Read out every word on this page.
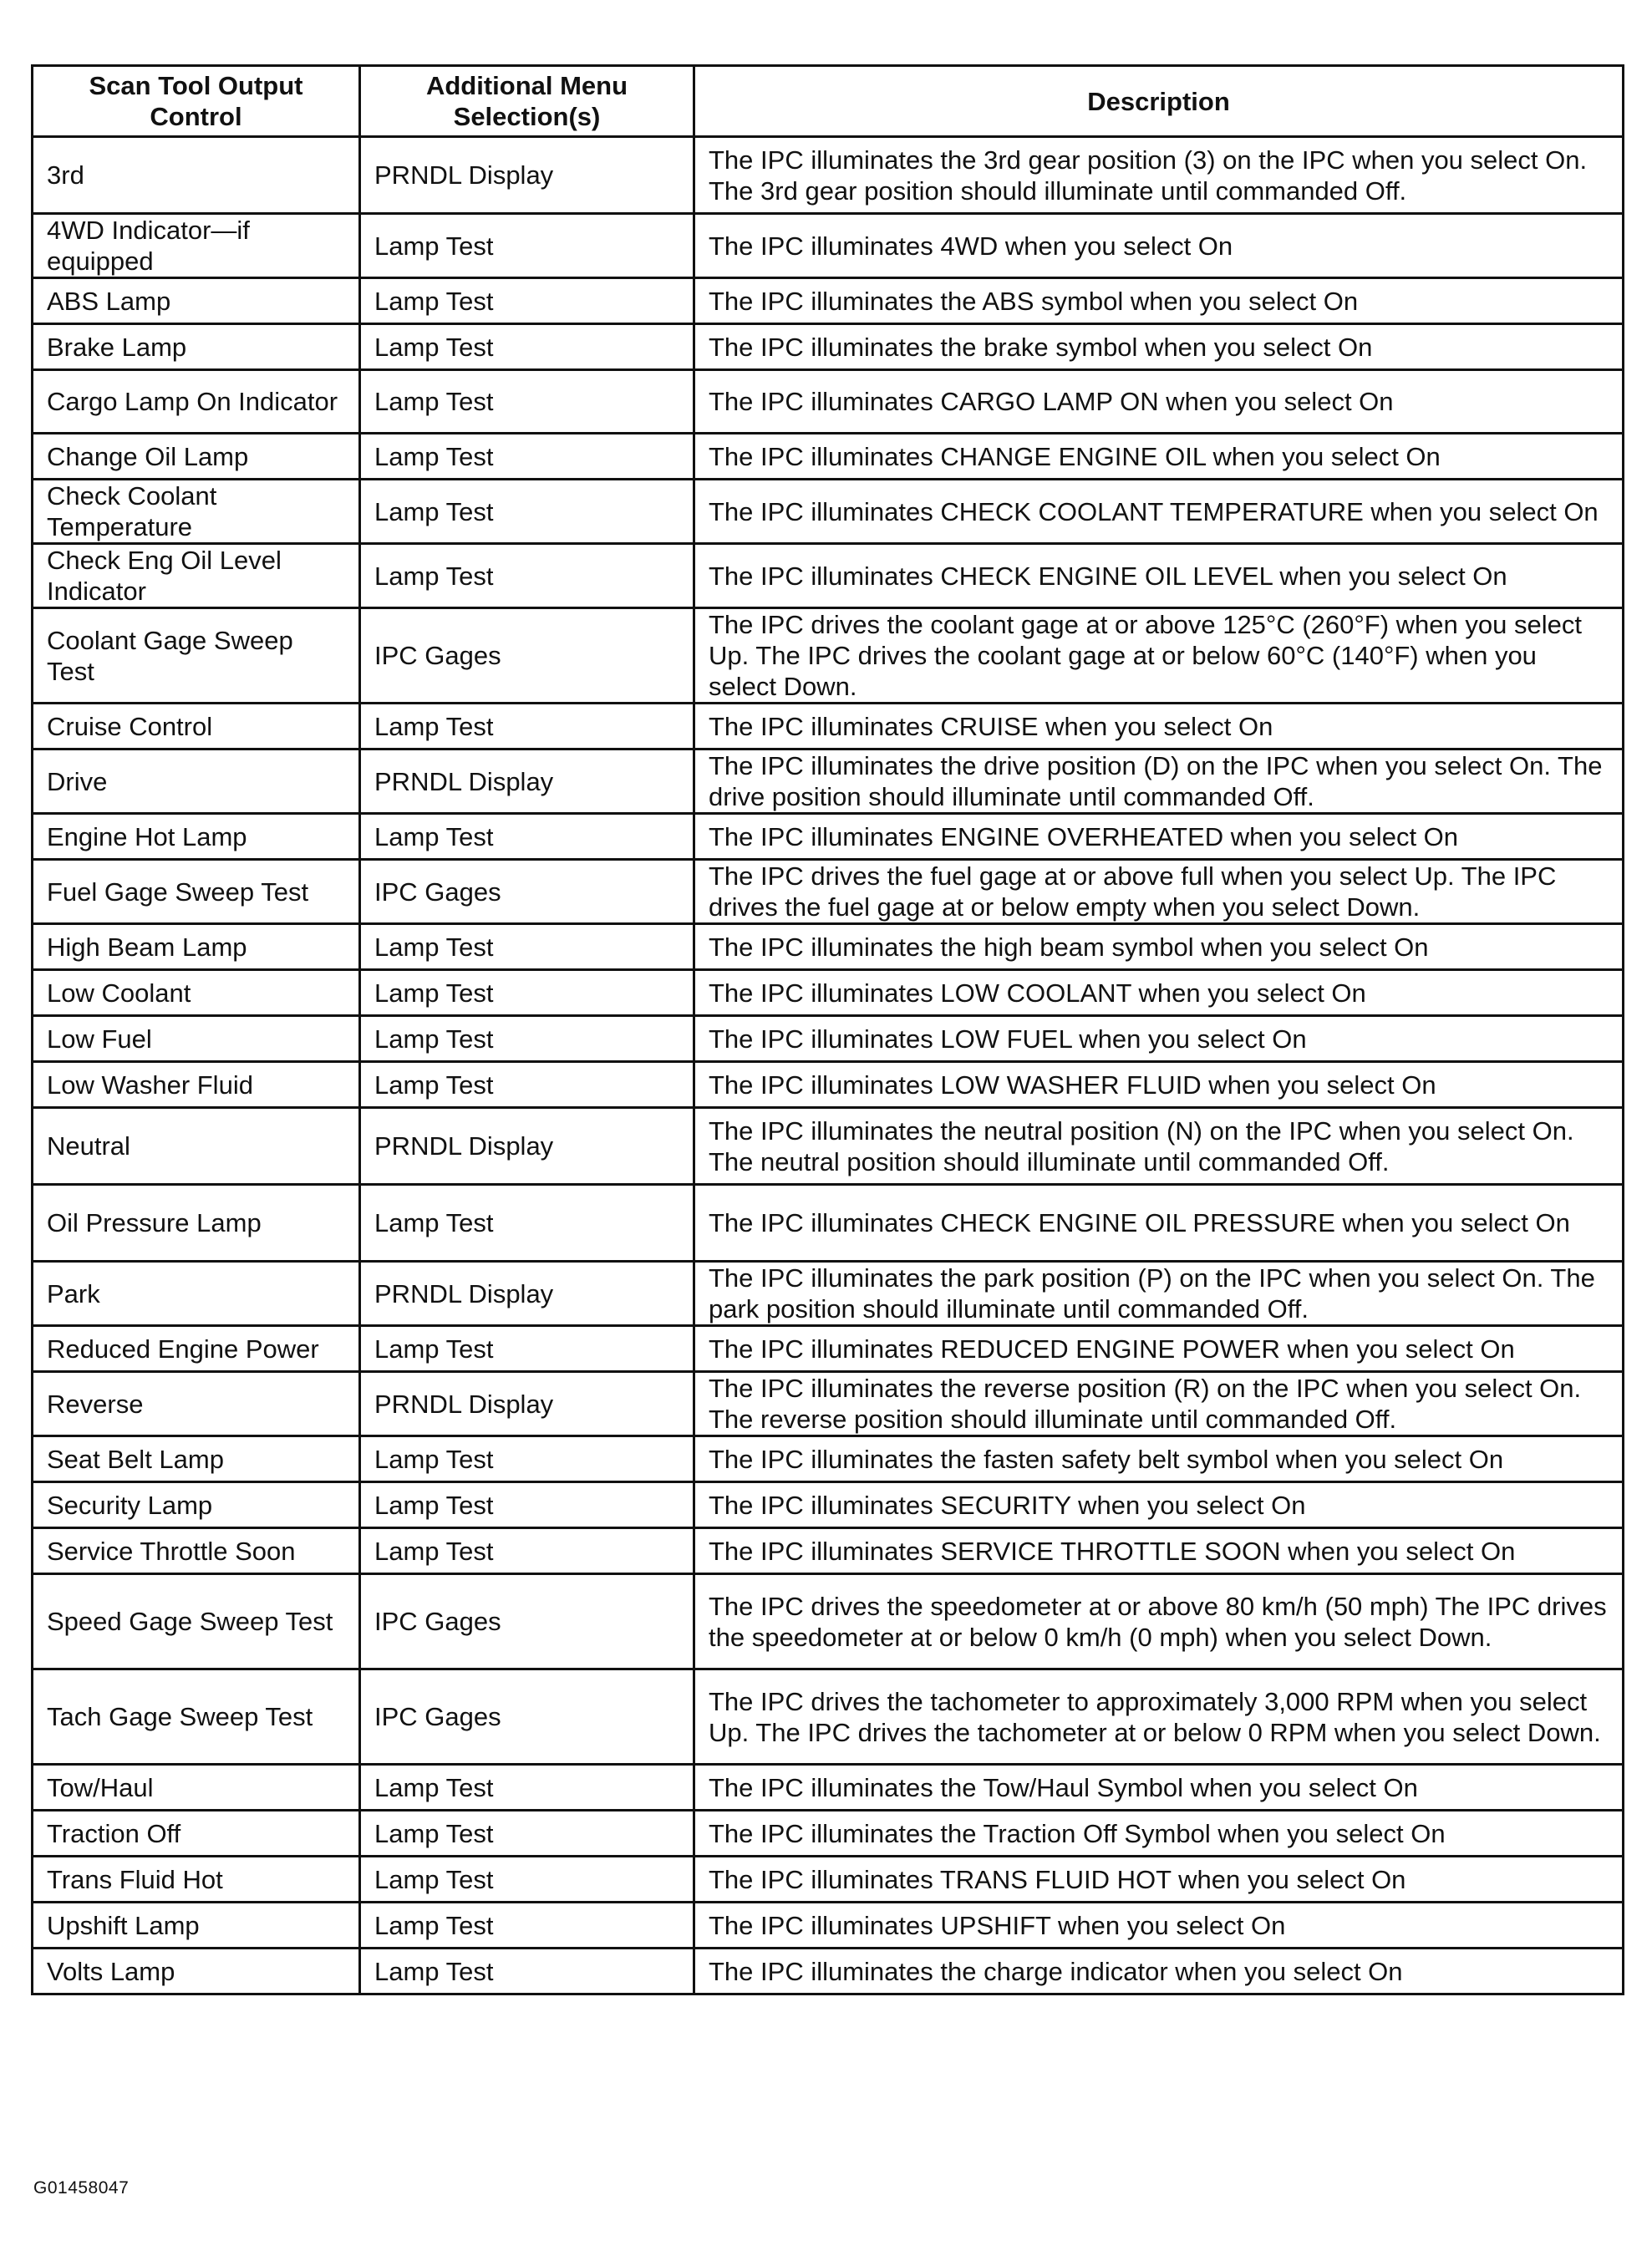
Scan Tool Output Control	Additional Menu Selection(s)	Description
3rd	PRNDL Display	The IPC illuminates the 3rd gear position (3) on the IPC when you select On. The 3rd gear position should illuminate until commanded Off.
4WD Indicator—if equipped	Lamp Test	The IPC illuminates 4WD when you select On
ABS Lamp	Lamp Test	The IPC illuminates the ABS symbol when you select On
Brake Lamp	Lamp Test	The IPC illuminates the brake symbol when you select On
Cargo Lamp On Indicator	Lamp Test	The IPC illuminates CARGO LAMP ON when you select On
Change Oil Lamp	Lamp Test	The IPC illuminates CHANGE ENGINE OIL when you select On
Check Coolant Temperature	Lamp Test	The IPC illuminates CHECK COOLANT TEMPERATURE when you select On
Check Eng Oil Level Indicator	Lamp Test	The IPC illuminates CHECK ENGINE OIL LEVEL when you select On
Coolant Gage Sweep Test	IPC Gages	The IPC drives the coolant gage at or above 125°C (260°F) when you select Up. The IPC drives the coolant gage at or below 60°C (140°F) when you select Down.
Cruise Control	Lamp Test	The IPC illuminates CRUISE when you select On
Drive	PRNDL Display	The IPC illuminates the drive position (D) on the IPC when you select On. The drive position should illuminate until commanded Off.
Engine Hot Lamp	Lamp Test	The IPC illuminates ENGINE OVERHEATED when you select On
Fuel Gage Sweep Test	IPC Gages	The IPC drives the fuel gage at or above full when you select Up. The IPC drives the fuel gage at or below empty when you select Down.
High Beam Lamp	Lamp Test	The IPC illuminates the high beam symbol when you select On
Low Coolant	Lamp Test	The IPC illuminates LOW COOLANT when you select On
Low Fuel	Lamp Test	The IPC illuminates LOW FUEL when you select On
Low Washer Fluid	Lamp Test	The IPC illuminates LOW WASHER FLUID when you select On
Neutral	PRNDL Display	The IPC illuminates the neutral position (N) on the IPC when you select On. The neutral position should illuminate until commanded Off.
Oil Pressure Lamp	Lamp Test	The IPC illuminates CHECK ENGINE OIL PRESSURE when you select On
Park	PRNDL Display	The IPC illuminates the park position (P) on the IPC when you select On. The park position should illuminate until commanded Off.
Reduced Engine Power	Lamp Test	The IPC illuminates REDUCED ENGINE POWER when you select On
Reverse	PRNDL Display	The IPC illuminates the reverse position (R) on the IPC when you select On. The reverse position should illuminate until commanded Off.
Seat Belt Lamp	Lamp Test	The IPC illuminates the fasten safety belt symbol when you select On
Security Lamp	Lamp Test	The IPC illuminates SECURITY when you select On
Service Throttle Soon	Lamp Test	The IPC illuminates SERVICE THROTTLE SOON when you select On
Speed Gage Sweep Test	IPC Gages	The IPC drives the speedometer at or above 80 km/h (50 mph) The IPC drives the speedometer at or below 0 km/h (0 mph) when you select Down.
Tach Gage Sweep Test	IPC Gages	The IPC drives the tachometer to approximately 3,000 RPM when you select Up. The IPC drives the tachometer at or below 0 RPM when you select Down.
Tow/Haul	Lamp Test	The IPC illuminates the Tow/Haul Symbol when you select On
Traction Off	Lamp Test	The IPC illuminates the Traction Off Symbol when you select On
Trans Fluid Hot	Lamp Test	The IPC illuminates TRANS FLUID HOT when you select On
Upshift Lamp	Lamp Test	The IPC illuminates UPSHIFT when you select On
Volts Lamp	Lamp Test	The IPC illuminates the charge indicator when you select On
G01458047
